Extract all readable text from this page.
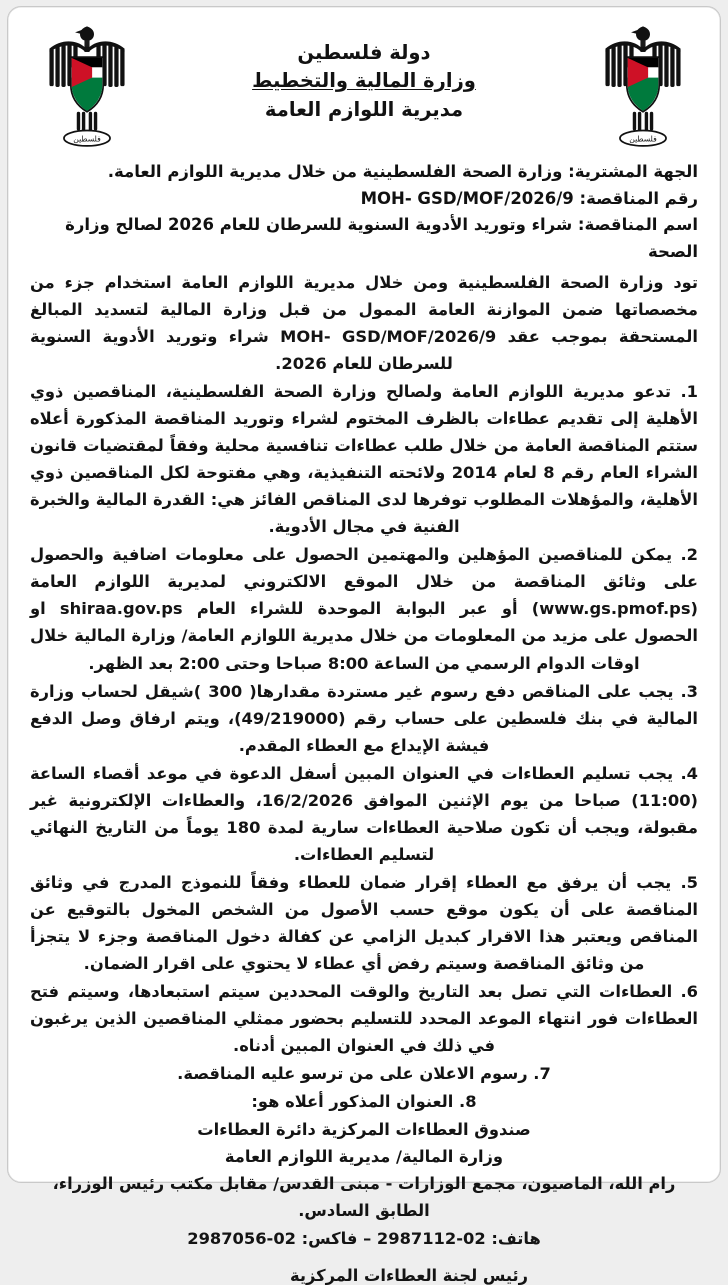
فلسطين
فلسطين
دولة فلسطين
وزارة المالية والتخطيط
مديرية اللوازم العامة
الجهة المشترية: وزارة الصحة الفلسطينية من خلال مديرية اللوازم العامة.
رقم المناقصة: MOH- GSD/MOF/2026/9
اسم المناقصة: شراء وتوريد الأدوية السنوية للسرطان للعام 2026 لصالح وزارة الصحة

تود وزارة الصحة الفلسطينية ومن خلال مديرية اللوازم العامة استخدام جزء من مخصصاتها ضمن الموازنة العامة الممول من قبل وزارة المالية لتسديد المبالغ المستحقة بموجب عقد MOH- GSD/MOF/2026/9 شراء وتوريد الأدوية السنوية للسرطان للعام 2026.

1. تدعو مديرية اللوازم العامة ولصالح وزارة الصحة الفلسطينية، المناقصين ذوي الأهلية إلى تقديم عطاءات بالظرف المختوم لشراء وتوريد المناقصة المذكورة أعلاه ستتم المناقصة العامة من خلال طلب عطاءات تنافسية محلية وفقاً لمقتضيات قانون الشراء العام رقم 8 لعام 2014 ولائحته التنفيذية، وهي مفتوحة لكل المناقصين ذوي الأهلية، والمؤهلات المطلوب توفرها لدى المناقص الفائز هي: القدرة المالية والخبرة الفنية في مجال الأدوية.

2. يمكن للمناقصين المؤهلين والمهتمين الحصول على معلومات اضافية والحصول على وثائق المناقصة من خلال الموقع الالكتروني لمديرية اللوازم العامة (www.gs.pmof.ps) أو عبر البوابة الموحدة للشراء العام shiraa.gov.ps او الحصول على مزيد من المعلومات من خلال مديرية اللوازم العامة/ وزارة المالية خلال اوقات الدوام الرسمي من الساعة 8:00 صباحا وحتى 2:00 بعد الظهر.

3. يجب على المناقص دفع رسوم غير مستردة مقدارها( 300 )شيقل لحساب وزارة المالية في بنك فلسطين على حساب رقم (49/219000)، ويتم ارفاق وصل الدفع فيشة الإيداع مع العطاء المقدم.

4. يجب تسليم العطاءات في العنوان المبين أسفل الدعوة في موعد أقصاء الساعة (11:00) صباحا من يوم الإثنين الموافق 16/2/2026، والعطاءات الإلكترونية غير مقبولة، ويجب أن تكون صلاحية العطاءات سارية لمدة 180 يوماً من التاريخ النهائي لتسليم العطاءات.

5. يجب أن يرفق مع العطاء إقرار ضمان للعطاء وفقاً للنموذج المدرج في وثائق المناقصة على أن يكون موقع حسب الأصول من الشخص المخول بالتوقيع عن المناقص ويعتبر هذا الاقرار كبديل الزامي عن كفالة دخول المناقصة وجزء لا يتجزأ من وثائق المناقصة وسيتم رفض أي عطاء لا يحتوي على اقرار الضمان.

6. العطاءات التي تصل بعد التاريخ والوقت المحددين سيتم استبعادها، وسيتم فتح العطاءات فور انتهاء الموعد المحدد للتسليم بحضور ممثلي المناقصين الذين يرغبون في ذلك في العنوان المبين أدناه.

7. رسوم الاعلان على من ترسو عليه المناقصة.

8. العنوان المذكور أعلاه هو:

صندوق العطاءات المركزية دائرة العطاءات
وزارة المالية/ مديرية اللوازم العامة
رام الله، الماصيون، مجمع الوزارات - مبنى القدس/ مقابل مكتب رئيس الوزراء، الطابق السادس.
هاتف: 02-2987112 – فاكس: 02-2987056
رئيس لجنة العطاءات المركزية
